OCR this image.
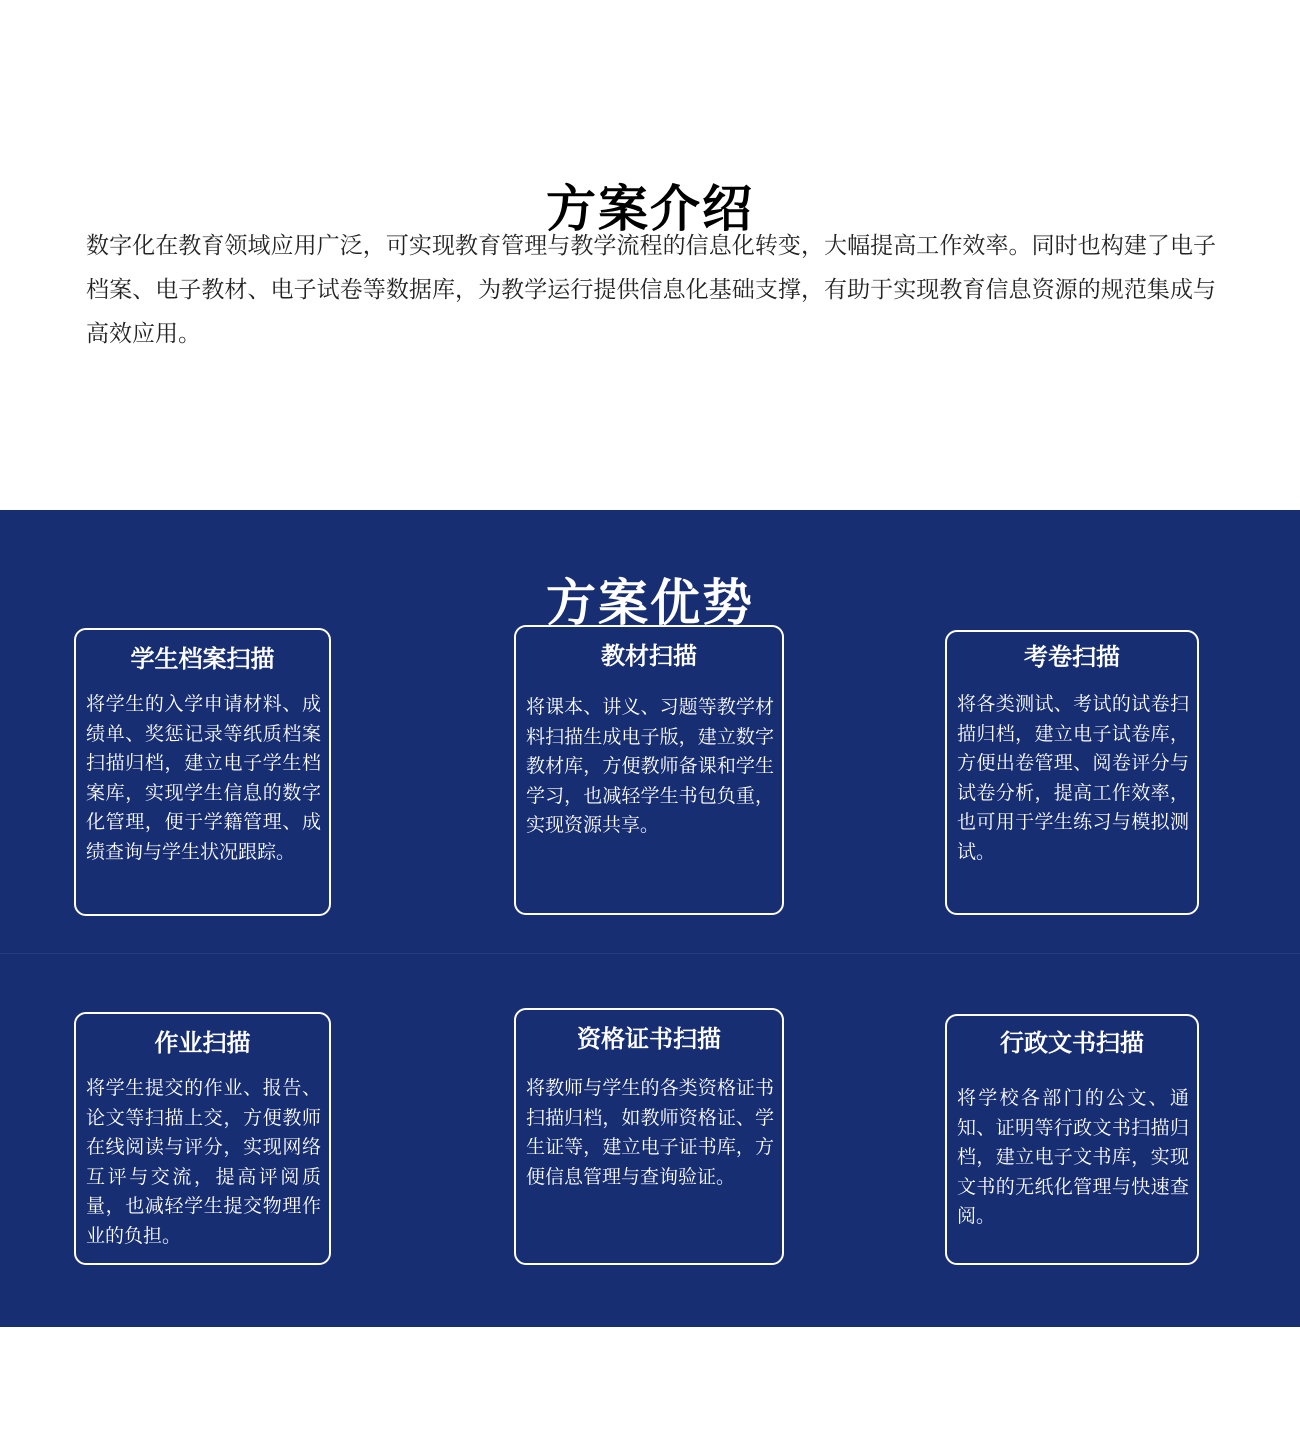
方案介绍

数字化在教育领域应用广泛，可实现教育管理与教学流程的信息化转变，大幅提高工作效率。同时也构建了电子档案、电子教材、电子试卷等数据库，为教学运行提供信息化基础支撑，有助于实现教育信息资源的规范集成与高效应用。

方案优势
学生档案扫描

将学生的入学申请材料、成绩单、奖惩记录等纸质档案扫描归档，建立电子学生档案库，实现学生信息的数字化管理，便于学籍管理、成绩查询与学生状况跟踪。

教材扫描

将课本、讲义、习题等教学材料扫描生成电子版，建立数字教材库，方便教师备课和学生学习，也减轻学生书包负重，实现资源共享。

考卷扫描

将各类测试、考试的试卷扫描归档，建立电子试卷库，方便出卷管理、阅卷评分与试卷分析，提高工作效率，也可用于学生练习与模拟测试。

作业扫描

将学生提交的作业、报告、论文等扫描上交，方便教师在线阅读与评分，实现网络互评与交流，提高评阅质量，也减轻学生提交物理作业的负担。

资格证书扫描

将教师与学生的各类资格证书扫描归档，如教师资格证、学生证等，建立电子证书库，方便信息管理与查询验证。

行政文书扫描

将学校各部门的公文、通知、证明等行政文书扫描归档，建立电子文书库，实现文书的无纸化管理与快速查阅。
